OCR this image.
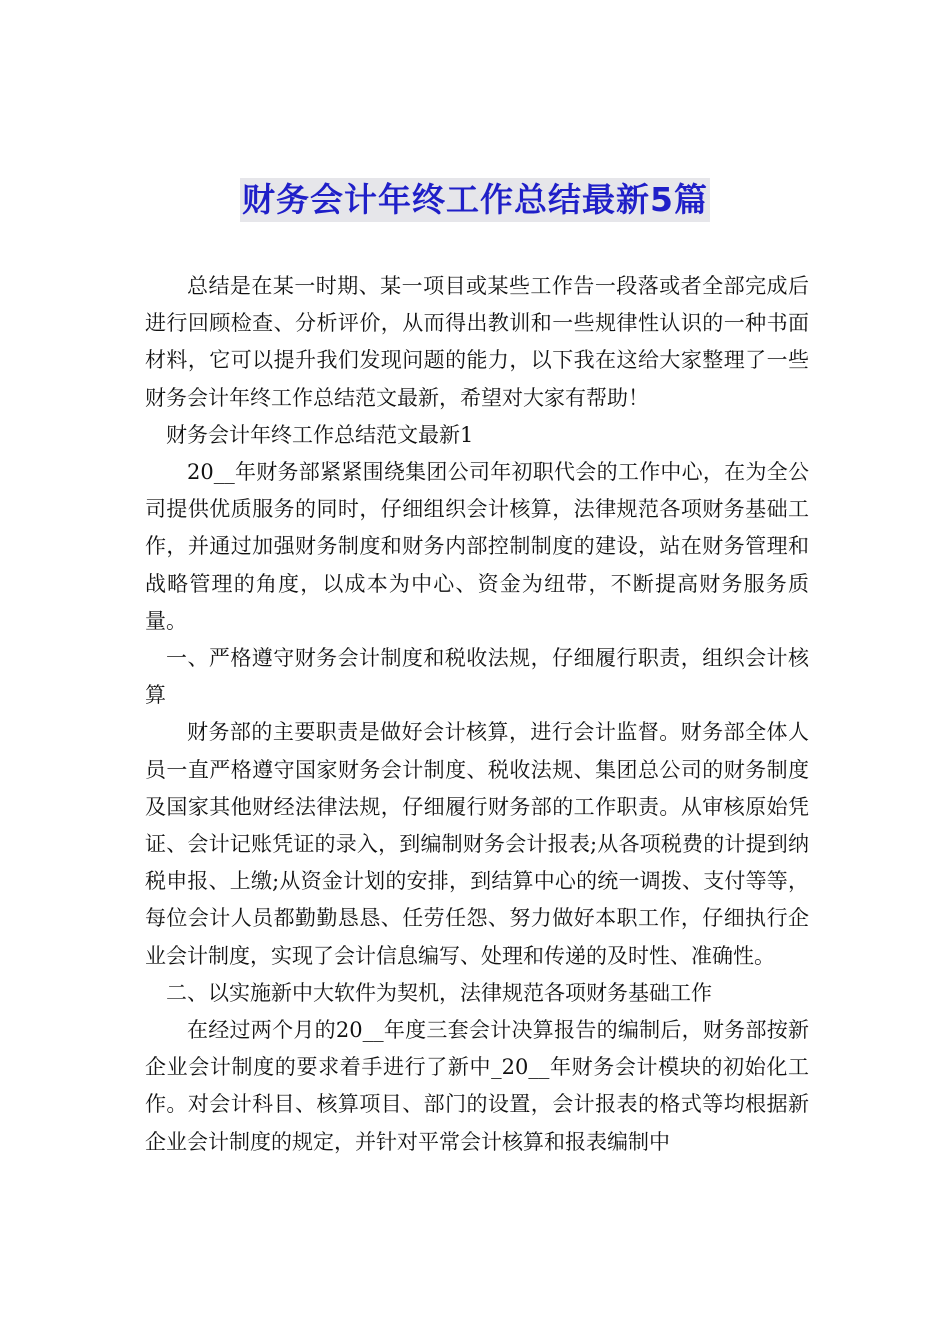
财务会计年终工作总结最新5篇

总结是在某一时期、某一项目或某些工作告一段落或者全部完成后进行回顾检查、分析评价，从而得出教训和一些规律性认识的一种书面材料，它可以提升我们发现问题的能力，以下我在这给大家整理了一些财务会计年终工作总结范文最新，希望对大家有帮助！

财务会计年终工作总结范文最新1

20__年财务部紧紧围绕集团公司年初职代会的工作中心，在为全公司提供优质服务的同时，仔细组织会计核算，法律规范各项财务基础工作，并通过加强财务制度和财务内部控制制度的建设，站在财务管理和战略管理的角度，以成本为中心、资金为纽带，不断提高财务服务质量。

一、严格遵守财务会计制度和税收法规，仔细履行职责，组织会计核算

财务部的主要职责是做好会计核算，进行会计监督。财务部全体人员一直严格遵守国家财务会计制度、税收法规、集团总公司的财务制度及国家其他财经法律法规，仔细履行财务部的工作职责。从审核原始凭证、会计记账凭证的录入，到编制财务会计报表;从各项税费的计提到纳税申报、上缴;从资金计划的安排，到结算中心的统一调拨、支付等等，每位会计人员都勤勤恳恳、任劳任怨、努力做好本职工作，仔细执行企业会计制度，实现了会计信息编写、处理和传递的及时性、准确性。

二、以实施新中大软件为契机，法律规范各项财务基础工作

在经过两个月的20__年度三套会计决算报告的编制后，财务部按新企业会计制度的要求着手进行了新中_20__年财务会计模块的初始化工作。对会计科目、核算项目、部门的设置，会计报表的格式等均根据新企业会计制度的规定，并针对平常会计核算和报表编制中
